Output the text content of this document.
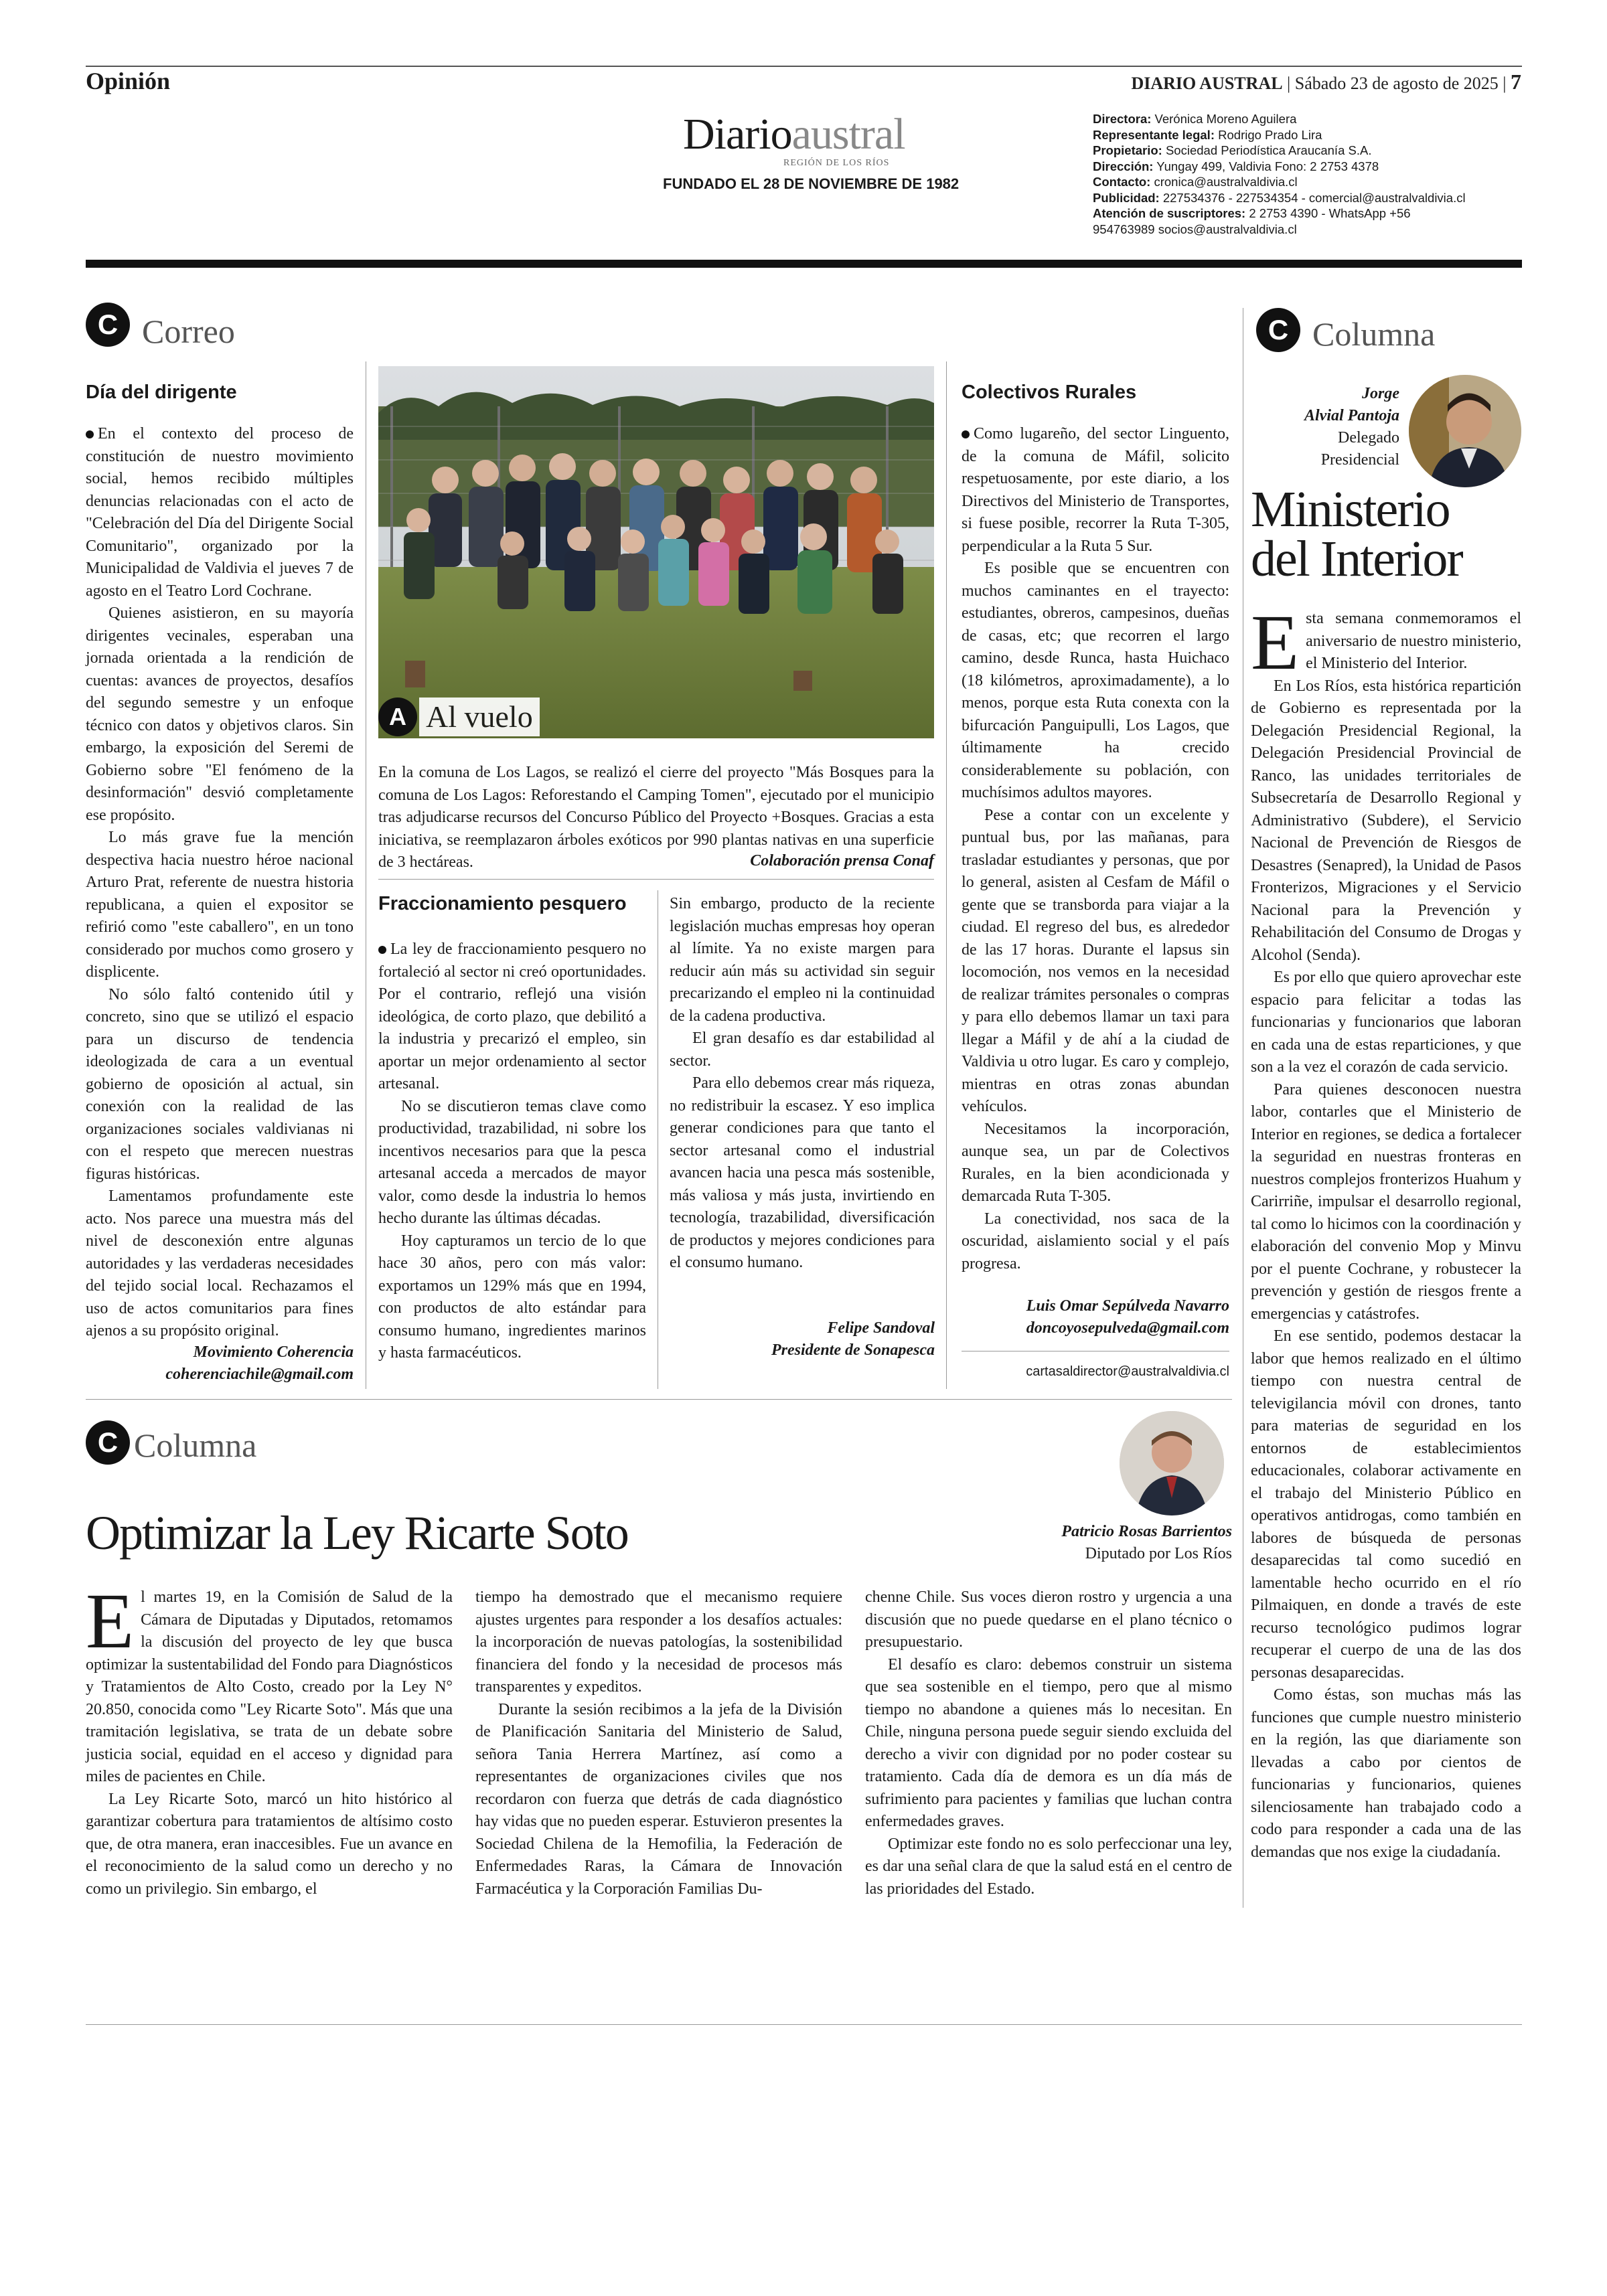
Opinión	DIARIO AUSTRAL | Sábado 23 de agosto de 2025 | 7
Diarioaustral
REGIÓN DE LOS RÍOS
FUNDADO EL 28 DE NOVIEMBRE DE 1982
Directora: Verónica Moreno Aguilera
Representante legal: Rodrigo Prado Lira
Propietario: Sociedad Periodística Araucanía S.A.
Dirección: Yungay 499, Valdivia Fono: 2 2753 4378
Contacto: cronica@australvaldivia.cl
Publicidad: 227534376 - 227534354 - comercial@australvaldivia.cl
Atención de suscriptores: 2 2753 4390 - WhatsApp +56 954763989 socios@australvaldivia.cl
C Correo
Día del dirigente

En el contexto del proceso de constitución de nuestro movimiento social, hemos recibido múltiples denuncias relacionadas con el acto de "Celebración del Día del Dirigente Social Comunitario", organizado por la Municipalidad de Valdivia el jueves 7 de agosto en el Teatro Lord Cochrane.

Quienes asistieron, en su mayoría dirigentes vecinales, esperaban una jornada orientada a la rendición de cuentas: avances de proyectos, desafíos del segundo semestre y un enfoque técnico con datos y objetivos claros. Sin embargo, la exposición del Seremi de Gobierno sobre "El fenómeno de la desinformación" desvió completamente ese propósito.

Lo más grave fue la mención despectiva hacia nuestro héroe nacional Arturo Prat, referente de nuestra historia republicana, a quien el expositor se refirió como "este caballero", en un tono considerado por muchos como grosero y displicente.

No sólo faltó contenido útil y concreto, sino que se utilizó el espacio para un discurso de tendencia ideologizada de cara a un eventual gobierno de oposición al actual, sin conexión con la realidad de las organizaciones sociales valdivianas ni con el respeto que merecen nuestras figuras históricas.

Lamentamos profundamente este acto. Nos parece una muestra más del nivel de desconexión entre algunas autoridades y las verdaderas necesidades del tejido social local. Rechazamos el uso de actos comunitarios para fines ajenos a su propósito original.

Movimiento Coherencia
coherenciachile@gmail.com
A Al vuelo
En la comuna de Los Lagos, se realizó el cierre del proyecto "Más Bosques para la comuna de Los Lagos: Reforestando el Camping Tomen", ejecutado por el municipio tras adjudicarse recursos del Concurso Público del Proyecto +Bosques. Gracias a esta iniciativa, se reemplazaron árboles exóticos por 990 plantas nativas en una superficie de 3 hectáreas.	Colaboración prensa Conaf
Fraccionamiento pesquero

La ley de fraccionamiento pesquero no fortaleció al sector ni creó oportunidades. Por el contrario, reflejó una visión ideológica, de corto plazo, que debilitó a la industria y precarizó el empleo, sin aportar un mejor ordenamiento al sector artesanal.

No se discutieron temas clave como productividad, trazabilidad, ni sobre los incentivos necesarios para que la pesca artesanal acceda a mercados de mayor valor, como desde la industria lo hemos hecho durante las últimas décadas.

Hoy capturamos un tercio de lo que hace 30 años, pero con más valor: exportamos un 129% más que en 1994, con productos de alto estándar para consumo humano, ingredientes marinos y hasta farmacéuticos.

Sin embargo, producto de la reciente legislación muchas empresas hoy operan al límite. Ya no existe margen para reducir aún más su actividad sin seguir precarizando el empleo ni la continuidad de la cadena productiva.

El gran desafío es dar estabilidad al sector.

Para ello debemos crear más riqueza, no redistribuir la escasez. Y eso implica generar condiciones para que tanto el sector artesanal como el industrial avancen hacia una pesca más sostenible, más valiosa y más justa, invirtiendo en tecnología, trazabilidad, diversificación de productos y mejores condiciones para el consumo humano.

Felipe Sandoval
Presidente de Sonapesca
Colectivos Rurales

Como lugareño, del sector Linguento, de la comuna de Máfil, solicito respetuosamente, por este diario, a los Directivos del Ministerio de Transportes, si fuese posible, recorrer la Ruta T-305, perpendicular a la Ruta 5 Sur.

Es posible que se encuentren con muchos caminantes en el trayecto: estudiantes, obreros, campesinos, dueñas de casas, etc; que recorren el largo camino, desde Runca, hasta Huichaco (18 kilómetros, aproximadamente), a lo menos, porque esta Ruta conexta con la bifurcación Panguipulli, Los Lagos, que últimamente ha crecido considerablemente su población, con muchísimos adultos mayores.

Pese a contar con un excelente y puntual bus, por las mañanas, para trasladar estudiantes y personas, que por lo general, asisten al Cesfam de Máfil o gente que se transborda para viajar a la ciudad. El regreso del bus, es alrededor de las 17 horas. Durante el lapsus sin locomoción, nos vemos en la necesidad de realizar trámites personales o compras y para ello debemos llamar un taxi para llegar a Máfil y de ahí a la ciudad de Valdivia u otro lugar. Es caro y complejo, mientras en otras zonas abundan vehículos.

Necesitamos la incorporación, aunque sea, un par de Colectivos Rurales, en la bien acondicionada y demarcada Ruta T-305.

La conectividad, nos saca de la oscuridad, aislamiento social y el país progresa.

Luis Omar Sepúlveda Navarro
doncoyosepulveda@gmail.com
cartasaldirector@australvaldivia.cl
C Columna
Jorge
Alvial Pantoja
Delegado
Presidencial
Ministerio
del Interior

Esta semana conmemoramos el aniversario de nuestro ministerio, el Ministerio del Interior.

En Los Ríos, esta histórica repartición de Gobierno es representada por la Delegación Presidencial Regional, la Delegación Presidencial Provincial de Ranco, las unidades territoriales de Subsecretaría de Desarrollo Regional y Administrativo (Subdere), el Servicio Nacional de Prevención de Riesgos de Desastres (Senapred), la Unidad de Pasos Fronterizos, Migraciones y el Servicio Nacional para la Prevención y Rehabilitación del Consumo de Drogas y Alcohol (Senda).

Es por ello que quiero aprovechar este espacio para felicitar a todas las funcionarias y funcionarios que laboran en cada una de estas reparticiones, y que son a la vez el corazón de cada servicio.

Para quienes desconocen nuestra labor, contarles que el Ministerio de Interior en regiones, se dedica a fortalecer la seguridad en nuestras fronteras en nuestros complejos fronterizos Huahum y Carirriñe, impulsar el desarrollo regional, tal como lo hicimos con la coordinación y elaboración del convenio Mop y Minvu por el puente Cochrane, y robustecer la prevención y gestión de riesgos frente a emergencias y catástrofes.

En ese sentido, podemos destacar la labor que hemos realizado en el último tiempo con nuestra central de televigilancia móvil con drones, tanto para materias de seguridad en los entornos de establecimientos educacionales, colaborar activamente en el trabajo del Ministerio Público en operativos antidrogas, como también en labores de búsqueda de personas desaparecidas tal como sucedió en lamentable hecho ocurrido en el río Pilmaiquen, en donde a través de este recurso tecnológico pudimos lograr recuperar el cuerpo de una de las dos personas desaparecidas.

Como éstas, son muchas más las funciones que cumple nuestro ministerio en la región, las que diariamente son llevadas a cabo por cientos de funcionarias y funcionarios, quienes silenciosamente han trabajado codo a codo para responder a cada una de las demandas que nos exige la ciudadanía.

C Columna
Optimizar la Ley Ricarte Soto	Patricio Rosas Barrientos
Diputado por Los Ríos

El martes 19, en la Comisión de Salud de la Cámara de Diputadas y Diputados, retomamos la discusión del proyecto de ley que busca optimizar la sustentabilidad del Fondo para Diagnósticos y Tratamientos de Alto Costo, creado por la Ley N° 20.850, conocida como "Ley Ricarte Soto". Más que una tramitación legislativa, se trata de un debate sobre justicia social, equidad en el acceso y dignidad para miles de pacientes en Chile.

La Ley Ricarte Soto, marcó un hito histórico al garantizar cobertura para tratamientos de altísimo costo que, de otra manera, eran inaccesibles. Fue un avance en el reconocimiento de la salud como un derecho y no como un privilegio. Sin embargo, el

tiempo ha demostrado que el mecanismo requiere ajustes urgentes para responder a los desafíos actuales: la incorporación de nuevas patologías, la sostenibilidad financiera del fondo y la necesidad de procesos más transparentes y expeditos.

Durante la sesión recibimos a la jefa de la División de Planificación Sanitaria del Ministerio de Salud, señora Tania Herrera Martínez, así como a representantes de organizaciones civiles que nos recordaron con fuerza que detrás de cada diagnóstico hay vidas que no pueden esperar. Estuvieron presentes la Sociedad Chilena de la Hemofilia, la Federación de Enfermedades Raras, la Cámara de Innovación Farmacéutica y la Corporación Familias Du-

chenne Chile. Sus voces dieron rostro y urgencia a una discusión que no puede quedarse en el plano técnico o presupuestario.

El desafío es claro: debemos construir un sistema que sea sostenible en el tiempo, pero que al mismo tiempo no abandone a quienes más lo necesitan. En Chile, ninguna persona puede seguir siendo excluida del derecho a vivir con dignidad por no poder costear su tratamiento. Cada día de demora es un día más de sufrimiento para pacientes y familias que luchan contra enfermedades graves.

Optimizar este fondo no es solo perfeccionar una ley, es dar una señal clara de que la salud está en el centro de las prioridades del Estado.
